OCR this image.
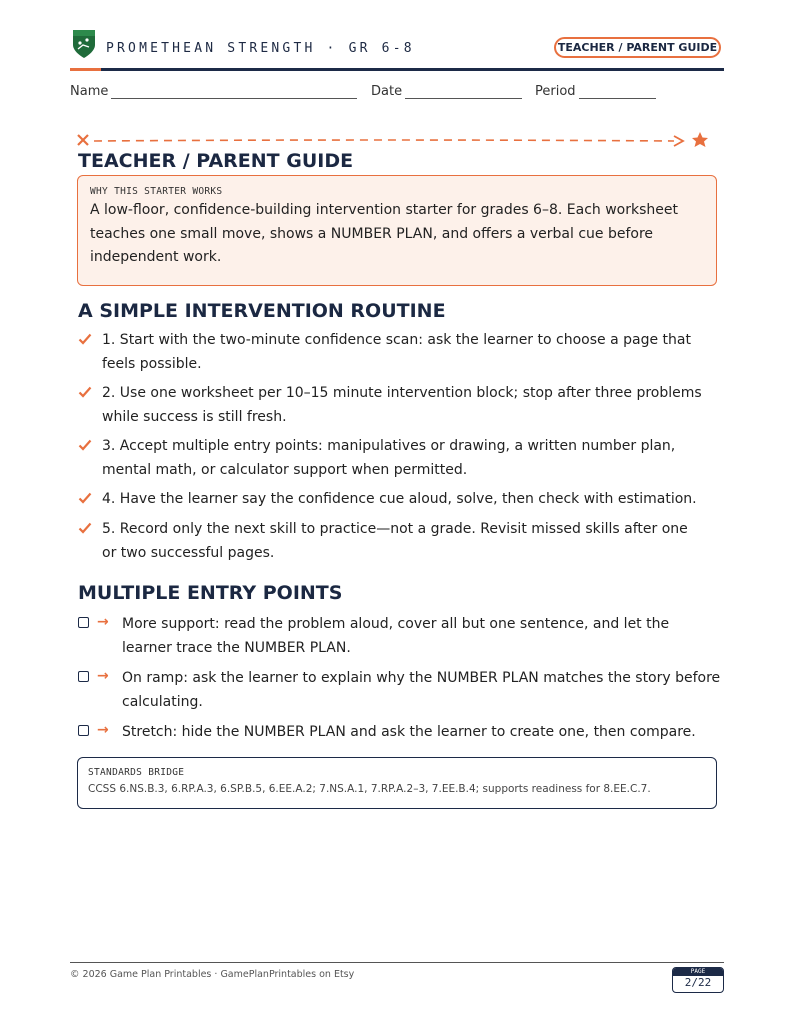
PROMETHEAN STRENGTH · GR 6-8	TEACHER / PARENT GUIDE
Name	Date	Period
TEACHER / PARENT GUIDE
WHY THIS STARTER WORKS
A low-floor, confidence-building intervention starter for grades 6–8. Each worksheet teaches one small move, shows a NUMBER PLAN, and offers a verbal cue before independent work.
A SIMPLE INTERVENTION ROUTINE
1. Start with the two-minute confidence scan: ask the learner to choose a page that feels possible.
2. Use one worksheet per 10–15 minute intervention block; stop after three problems while success is still fresh.
3. Accept multiple entry points: manipulatives or drawing, a written number plan, mental math, or calculator support when permitted.
4. Have the learner say the confidence cue aloud, solve, then check with estimation.
5. Record only the next skill to practice—not a grade. Revisit missed skills after one or two successful pages.
MULTIPLE ENTRY POINTS
→ More support: read the problem aloud, cover all but one sentence, and let the learner trace the NUMBER PLAN.
→ On ramp: ask the learner to explain why the NUMBER PLAN matches the story before calculating.
→ Stretch: hide the NUMBER PLAN and ask the learner to create one, then compare.
STANDARDS BRIDGE
CCSS 6.NS.B.3, 6.RP.A.3, 6.SP.B.5, 6.EE.A.2; 7.NS.A.1, 7.RP.A.2–3, 7.EE.B.4; supports readiness for 8.EE.C.7.
© 2026 Game Plan Printables · GamePlanPrintables on Etsy	PAGE
2/22
